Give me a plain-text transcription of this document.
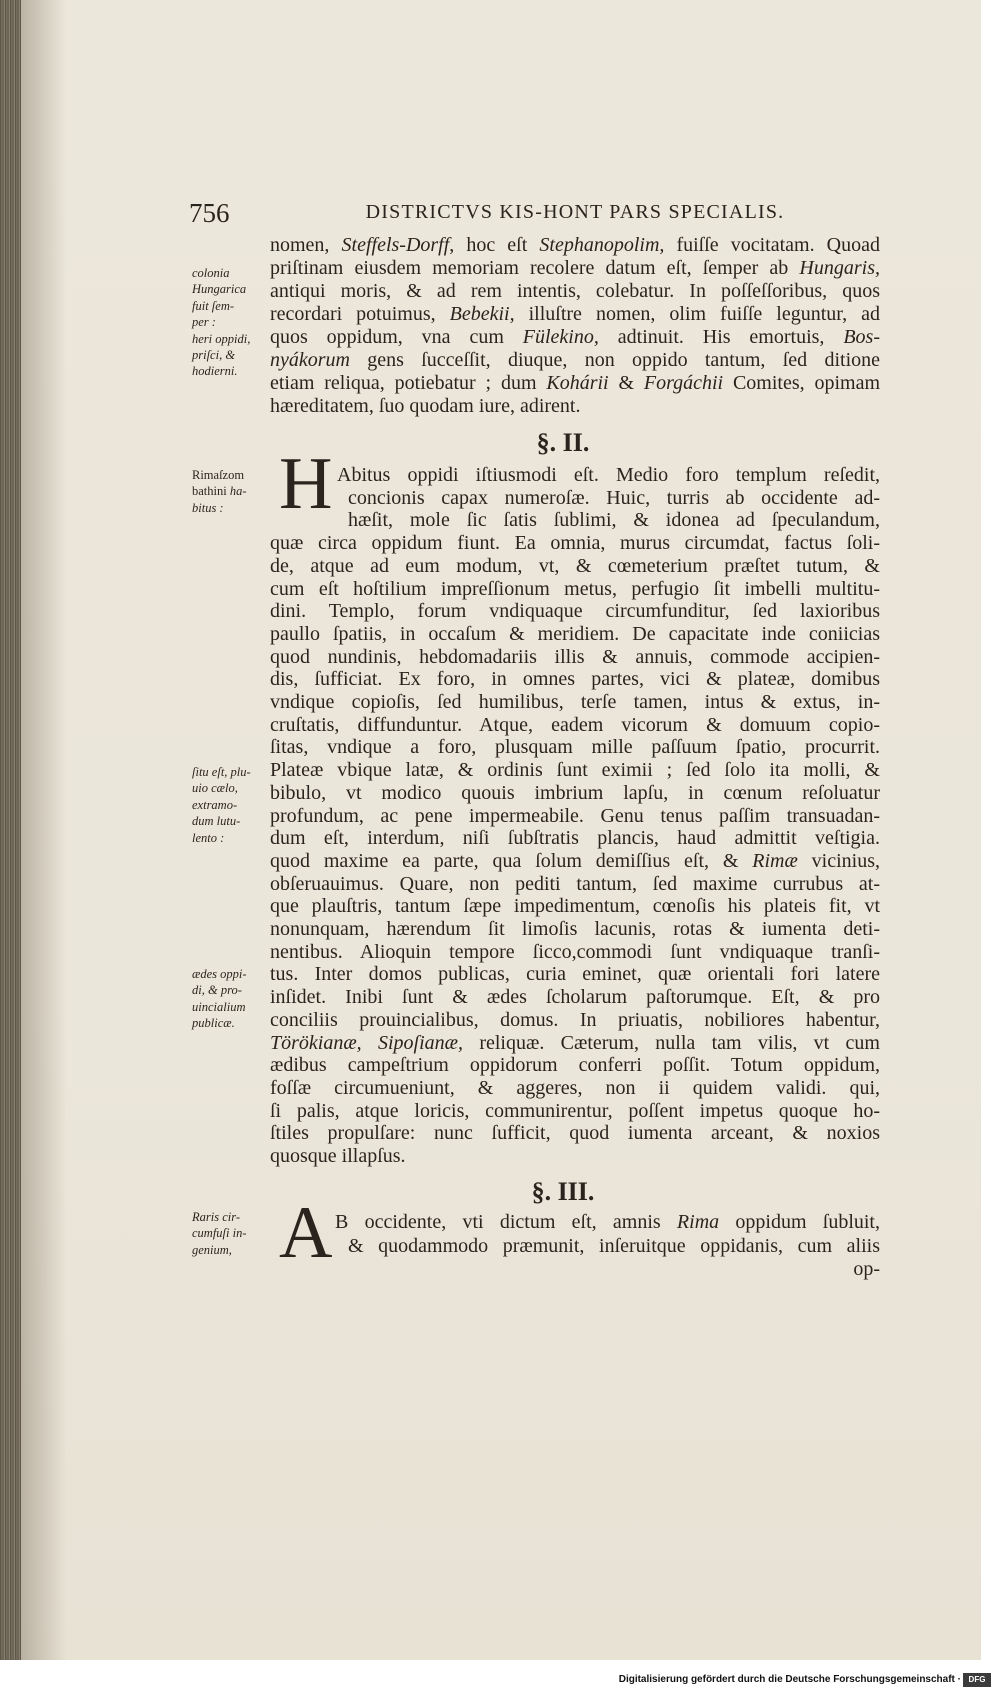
756	DISTRICTVS KIS-HONT PARS SPECIALIS.
nomen, Steffels-Dorff, hoc eſt Stephanopolim, fuiſſe vocitatam. Quoad
priſtinam eiusdem memoriam recolere datum eſt, ſemper ab Hungaris,
antiqui moris, & ad rem intentis, colebatur. In poſſeſſoribus, quos
recordari potuimus, Bebekii, illuſtre nomen, olim fuiſſe leguntur, ad
quos oppidum, vna cum Fülekino, adtinuit. His emortuis, Bos-
nyákorum gens ſucceſſit, diuque, non oppido tantum, ſed ditione
etiam reliqua, potiebatur ; dum Kohárii & Forgáchii Comites, opimam
hæreditatem, ſuo quodam iure, adirent.
colonia
Hungarica
fuit ſem-
per :
heri oppidi,
priſci, &
hodierni.
§. II.
H Abitus oppidi iſtiusmodi eſt. Medio foro templum reſedit,
concionis capax numeroſæ. Huic, turris ab occidente ad-
hæſit, mole ſic ſatis ſublimi, & idonea ad ſpeculandum,
quæ circa oppidum fiunt. Ea omnia, murus circumdat, factus ſoli-
de, atque ad eum modum, vt, & cœmeterium præſtet tutum, &
cum eſt hoſtilium impreſſionum metus, perfugio ſit imbelli multitu-
dini. Templo, forum vndiquaque circumfunditur, ſed laxioribus
paullo ſpatiis, in occaſum & meridiem. De capacitate inde coniicias
quod nundinis, hebdomadariis illis & annuis, commode accipien-
dis, ſufficiat. Ex foro, in omnes partes, vici & plateæ, domibus
vndique copioſis, ſed humilibus, terſe tamen, intus & extus, in-
cruſtatis, diffunduntur. Atque, eadem vicorum & domuum copio-
ſitas, vndique a foro, plusquam mille paſſuum ſpatio, procurrit.
Plateæ vbique latæ, & ordinis ſunt eximii ; ſed ſolo ita molli, &
bibulo, vt modico quouis imbrium lapſu, in cœnum reſoluatur
profundum, ac pene impermeabile. Genu tenus paſſim transuadan-
dum eſt, interdum, niſi ſubſtratis plancis, haud admittit veſtigia.
quod maxime ea parte, qua ſolum demiſſius eſt, & Rimæ vicinius,
obſeruauimus. Quare, non pediti tantum, ſed maxime currubus at-
que plauſtris, tantum ſæpe impedimentum, cœnoſis his plateis fit, vt
nonunquam, hærendum ſit limoſis lacunis, rotas & iumenta deti-
nentibus. Alioquin tempore ſicco,commodi ſunt vndiquaque tranſi-
tus. Inter domos publicas, curia eminet, quæ orientali fori latere
inſidet. Inibi ſunt & ædes ſcholarum paſtorumque. Eſt, & pro
conciliis prouincialibus, domus. In priuatis, nobiliores habentur,
Törökianæ, Sipoſianæ, reliquæ. Cæterum, nulla tam vilis, vt cum
ædibus campeſtrium oppidorum conferri poſſit. Totum oppidum,
foſſæ circumueniunt, & aggeres, non ii quidem validi. qui,
ſi palis, atque loricis, communirentur, poſſent impetus quoque ho-
ſtiles propulſare: nunc ſufficit, quod iumenta arceant, & noxios
quosque illapſus.
Rimaſzom
bathini ha-
bitus :
ſitu eſt, plu-
uio cælo,
extramo-
dum lutu-
lento :
ædes oppi-
di, & pro-
uincialium
publicæ.
§. III.
A B occidente, vti dictum eſt, amnis Rima oppidum ſubluit,
& quodammodo præmunit, inſeruitque oppidanis, cum aliis
op-
Raris cir-
cumfuſi in-
genium,
Digitalisierung gefördert durch die Deutsche Forschungsgemeinschaft · DFG
